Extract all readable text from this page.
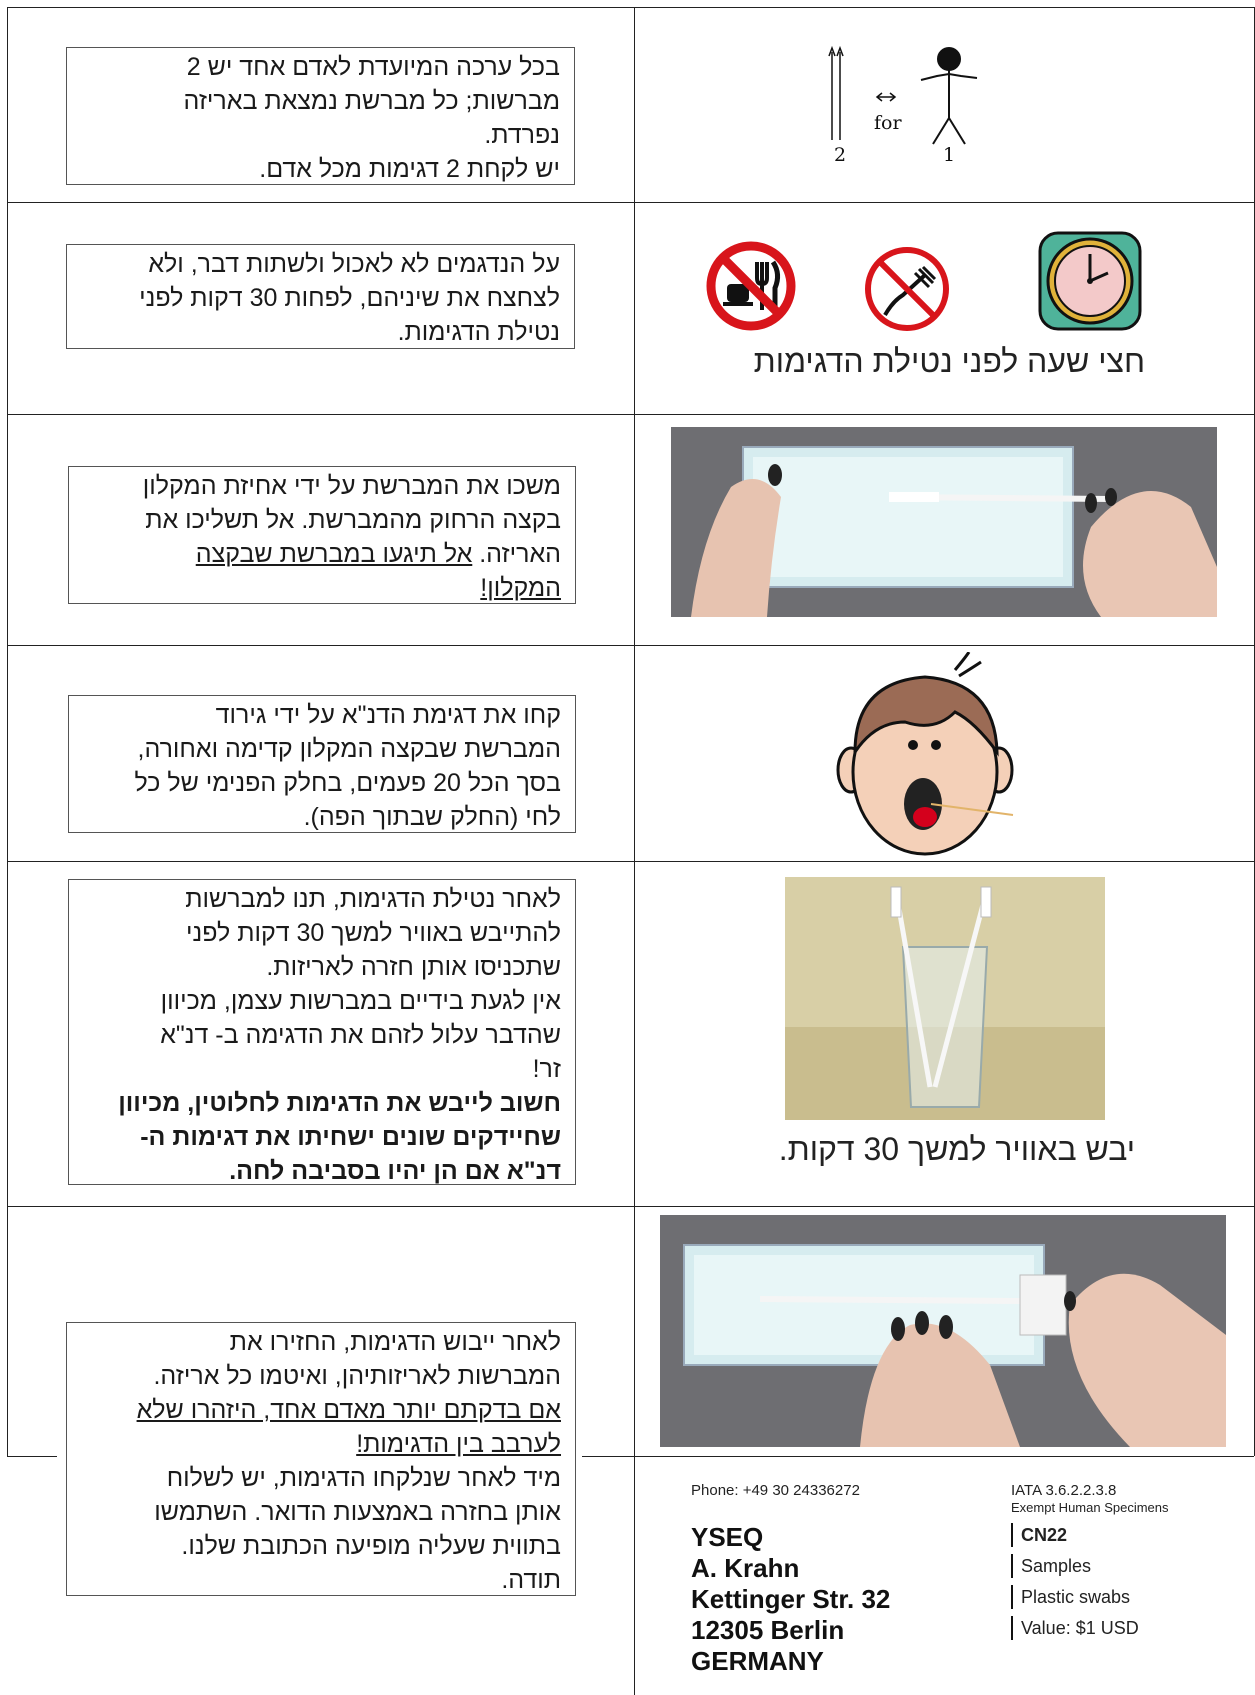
בכל ערכה המיועדת לאדם אחד יש 2

מברשות; כל מברשת נמצאת באריזה

נפרדת.

יש לקחת 2 דגימות מכל אדם.	2
for
1

על הנדגמים לא לאכול ולשתות דבר, ולא

לצחצח את שיניהם, לפחות 30 דקות לפני

נטילת הדגימות.

חצי שעה לפני נטילת הדגימות

משכו את המברשת על ידי אחיזת המקלון

בקצה הרחוק מהמברשת. אל תשליכו את

האריזה. אל תיגעו במברשת שבקצה

המקלון!

קחו את דגימת הדנ"א על ידי גירוד

המברשת שבקצה המקלון קדימה ואחורה,

בסך הכל 20 פעמים, בחלק הפנימי של כל

לחי (החלק שבתוך הפה).

לאחר נטילת הדגימות, תנו למברשות

להתייבש באוויר למשך 30 דקות לפני

שתכניסו אותן חזרה לאריזות.

אין לגעת בידיים במברשות עצמן, מכיוון

שהדבר עלול לזהם את הדגימה ב- דנ"א

זר!

חשוב לייבש את הדגימות לחלוטין, מכיוון

שחיידקים שונים ישחיתו את דגימות ה-

דנ"א אם הן יהיו בסביבה לחה.

יבש באוויר למשך 30 דקות.

לאחר ייבוש הדגימות, החזירו את

המברשות לאריזותיהן, ואיטמו כל אריזה.

אם בדקתם יותר מאדם אחד, היזהרו שלא

לערבב בין הדגימות!

מיד לאחר שנלקחו הדגימות, יש לשלוח

אותן בחזרה באמצעות הדואר. השתמשו

בתווית שעליה מופיעה הכתובת שלנו.

תודה.

Phone: +49 30 24336272
YSEQ
A. Krahn
Kettinger Str. 32
12305 Berlin
GERMANY
IATA 3.6.2.2.3.8
Exempt Human Specimens
CN22
Samples
Plastic swabs
Value: $1 USD
